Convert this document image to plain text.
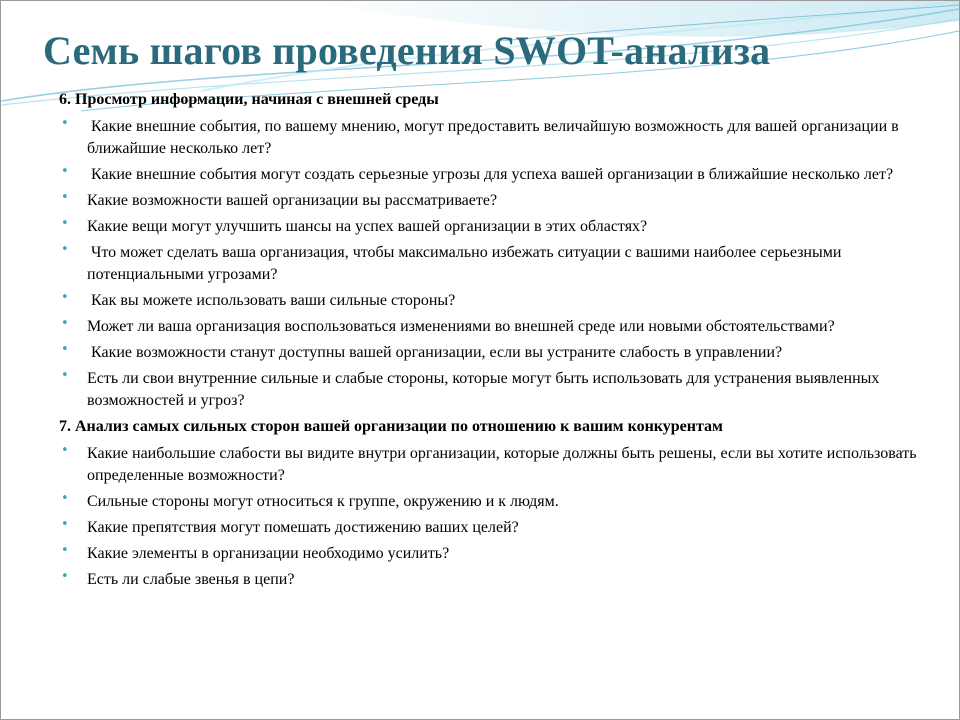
Семь шагов проведения SWOT-анализа

6. Просмотр информации, начиная с внешней среды

• Какие внешние события, по вашему мнению, могут предоставить величайшую возможность для вашей организации в ближайшие несколько лет?
• Какие внешние события могут создать серьезные угрозы для успеха вашей организации в ближайшие несколько лет?
• Какие возможности вашей организации вы рассматриваете?
• Какие вещи могут улучшить шансы на успех вашей организации в этих областях?
• Что может сделать ваша организация, чтобы максимально избежать ситуации с вашими наиболее серьезными потенциальными угрозами?
• Как вы можете использовать ваши сильные стороны?
• Может ли ваша организация воспользоваться изменениями во внешней среде или новыми обстоятельствами?
• Какие возможности станут доступны вашей организации, если вы устраните слабость в управлении?
• Есть ли свои внутренние сильные и слабые стороны, которые могут быть использовать для устранения выявленных возможностей и угроз?

7. Анализ самых сильных сторон вашей организации по отношению к вашим конкурентам

• Какие наибольшие слабости вы видите внутри организации, которые должны быть решены, если вы хотите использовать определенные возможности?
• Сильные стороны могут относиться к группе, окружению и к людям.
• Какие препятствия могут помешать достижению ваших целей?
• Какие элементы в организации необходимо усилить?
• Есть ли слабые звенья в цепи?
